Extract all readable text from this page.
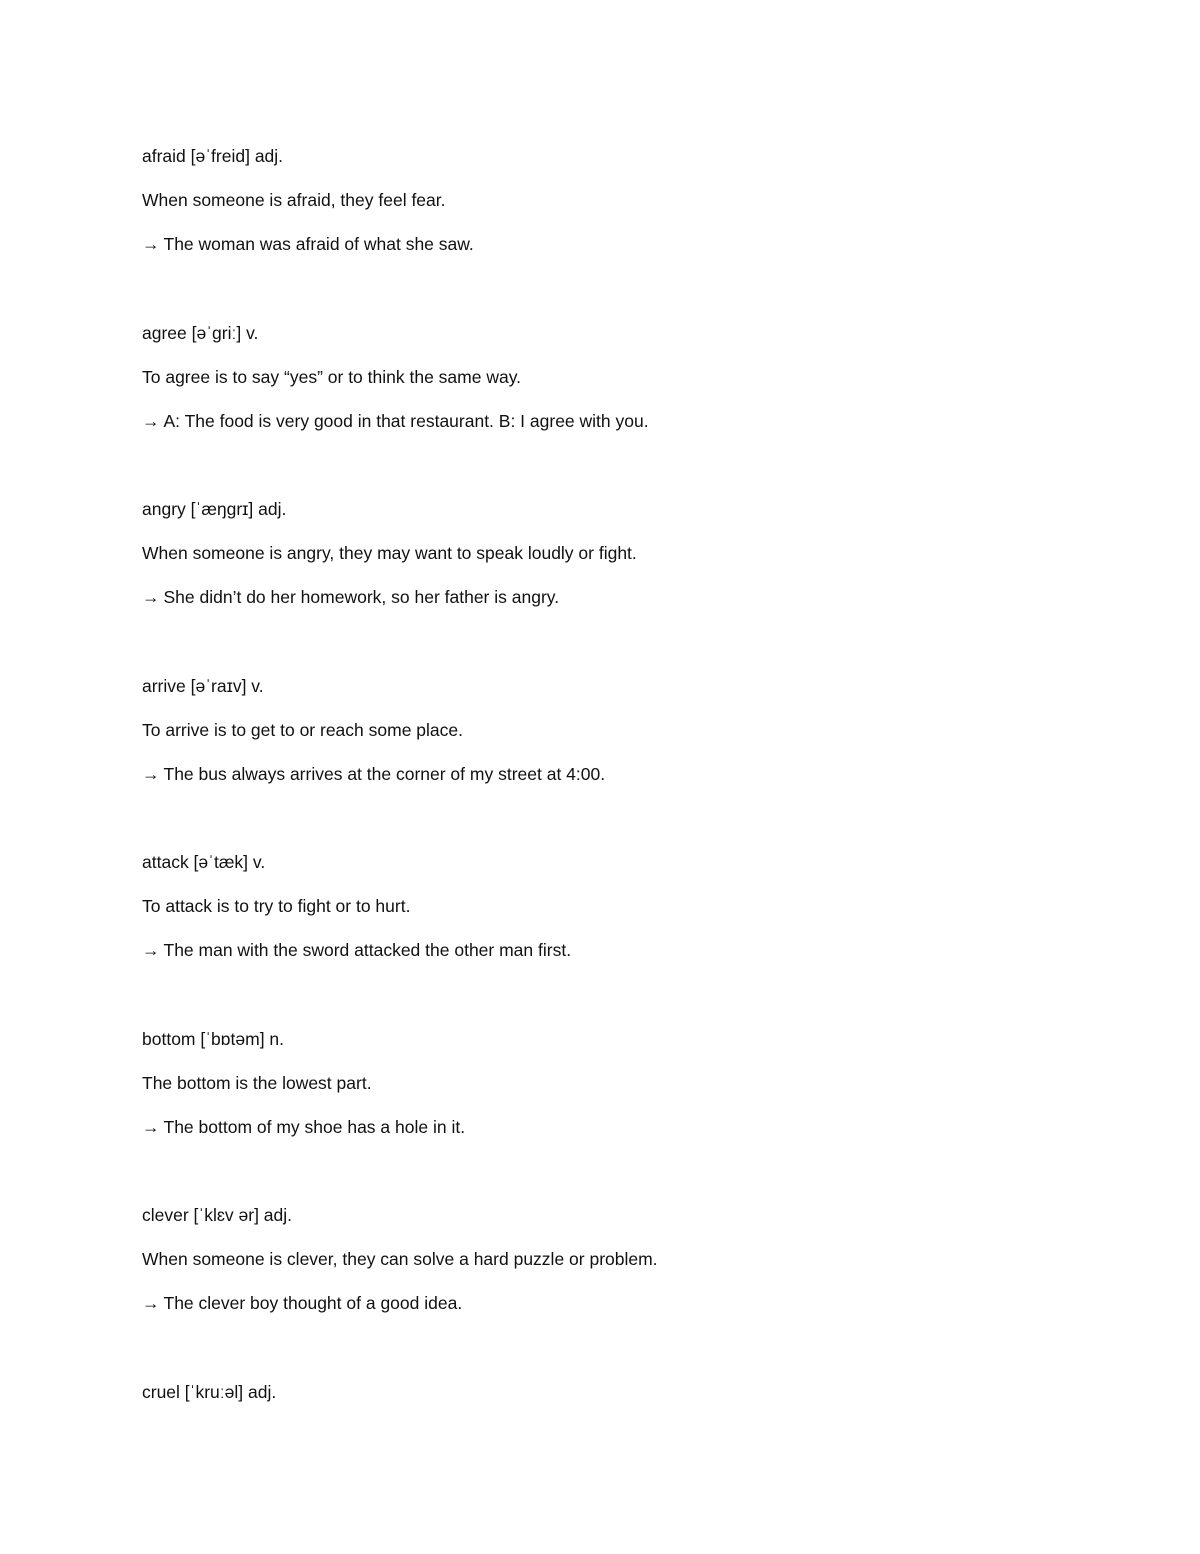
afraid [əˈfreid] adj.
When someone is afraid, they feel fear.
→ The woman was afraid of what she saw.
agree [əˈgriː] v.
To agree is to say “yes” or to think the same way.
→ A: The food is very good in that restaurant. B: I agree with you.
angry [ˈæŋgrɪ] adj.
When someone is angry, they may want to speak loudly or fight.
→ She didn’t do her homework, so her father is angry.
arrive [əˈraɪv] v.
To arrive is to get to or reach some place.
→ The bus always arrives at the corner of my street at 4:00.
attack [əˈtæk] v.
To attack is to try to fight or to hurt.
→ The man with the sword attacked the other man first.
bottom [ˈbɒtəm] n.
The bottom is the lowest part.
→ The bottom of my shoe has a hole in it.
clever [ˈklɛv ər] adj.
When someone is clever, they can solve a hard puzzle or problem.
→ The clever boy thought of a good idea.
cruel [ˈkruːəl] adj.
